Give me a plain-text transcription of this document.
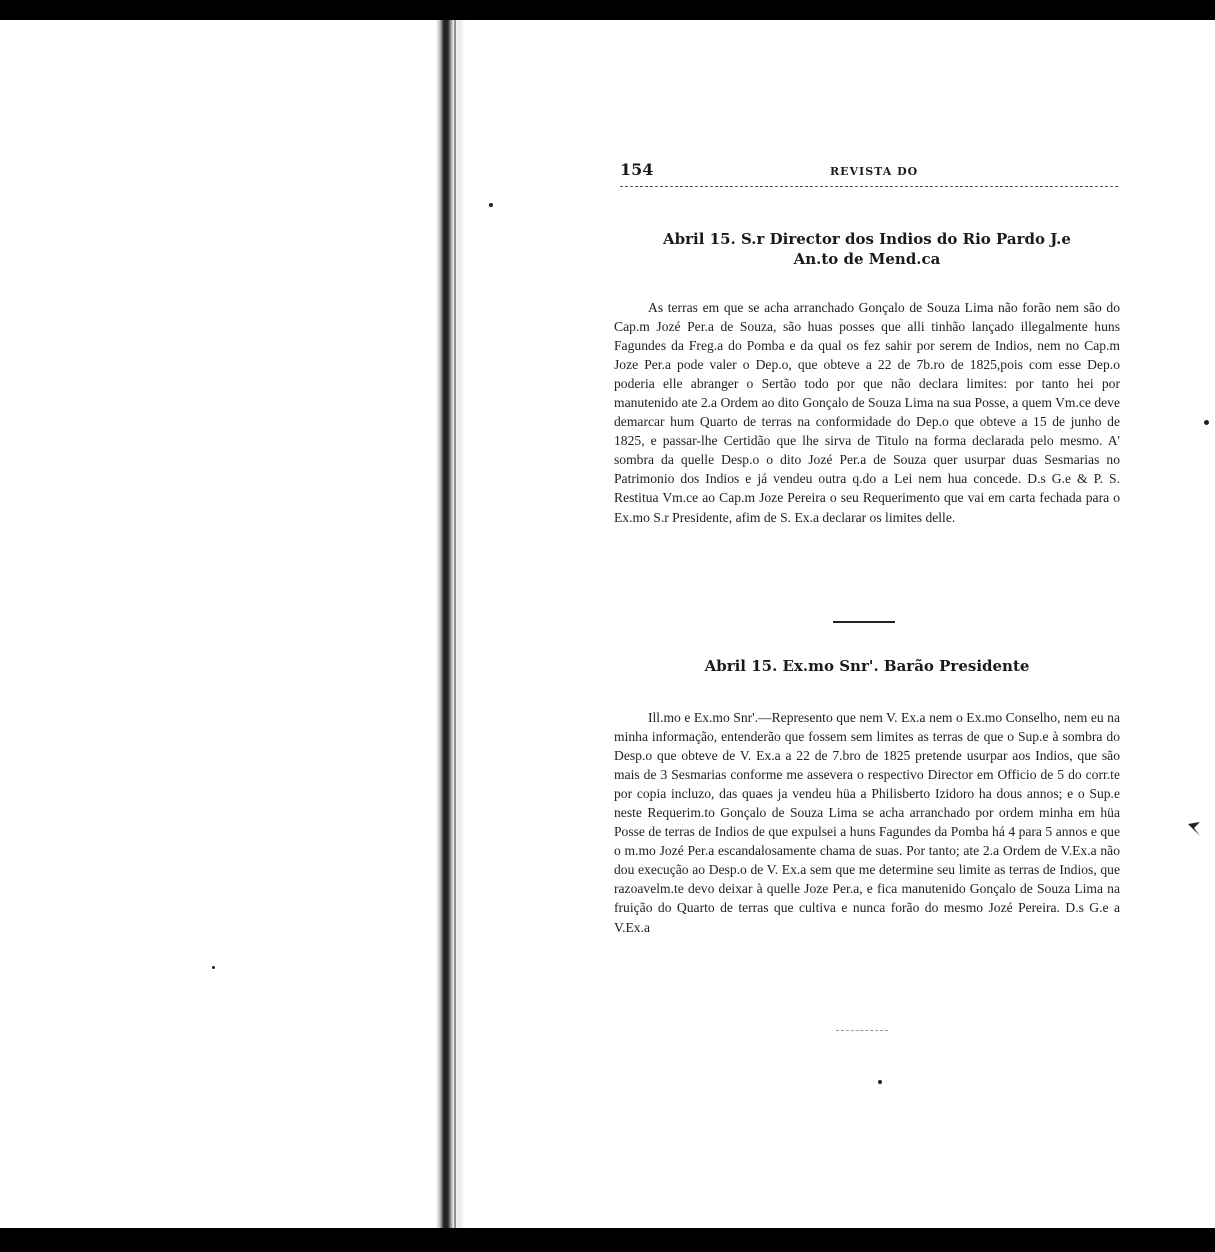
154	REVISTA DO
Abril 15. S.r Director dos Indios do Rio Pardo J.e
An.to de Mend.ca

As terras em que se acha arranchado Gonçalo de Souza Lima não forão nem são do Cap.m Jozé Per.a de Souza, são huas posses que alli tinhão lançado illegalmente huns Fagundes da Freg.a do Pomba e da qual os fez sahir por serem de Indios, nem no Cap.m Joze Per.a pode valer o Dep.o, que obteve a 22 de 7b.ro de 1825,pois com esse Dep.o poderia elle abranger o Sertão todo por que não declara limites: por tanto hei por manutenido ate 2.a Ordem ao dito Gonçalo de Souza Lima na sua Posse, a quem Vm.ce deve demarcar hum Quarto de terras na conformidade do Dep.o que obteve a 15 de junho de 1825, e passar-lhe Certidão que lhe sirva de Titulo na forma declarada pelo mesmo. A' sombra da quelle Desp.o o dito Jozé Per.a de Souza quer usurpar duas Sesmarias no Patrimonio dos Indios e já vendeu outra q.do a Lei nem hua concede. D.s G.e & P. S. Restitua Vm.ce ao Cap.m Joze Pereira o seu Requerimento que vai em carta fechada para o Ex.mo S.r Presidente, afim de S. Ex.a declarar os limites delle.

Abril 15. Ex.mo Snr'. Barão Presidente

Ill.mo e Ex.mo Snr'.—Represento que nem V. Ex.a nem o Ex.mo Conselho, nem eu na minha informação, entenderão que fossem sem limites as terras de que o Sup.e à sombra do Desp.o que obteve de V. Ex.a a 22 de 7.bro de 1825 pretende usurpar aos Indios, que são mais de 3 Sesmarias conforme me assevera o respectivo Director em Officio de 5 do corr.te por copia incluzo, das quaes ja vendeu hüa a Philisberto Izidoro ha dous annos; e o Sup.e neste Requerim.to Gonçalo de Souza Lima se acha arranchado por ordem minha em hüa Posse de terras de Indios de que expulsei a huns Fagundes da Pomba há 4 para 5 annos e que o m.mo Jozé Per.a escandalosamente chama de suas. Por tanto; ate 2.a Ordem de V.Ex.a não dou execução ao Desp.o de V. Ex.a sem que me determine seu limite as terras de Indios, que razoavelm.te devo deixar à quelle Joze Per.a, e fica manutenido Gonçalo de Souza Lima na fruição do Quarto de terras que cultiva e nunca forão do mesmo Jozé Pereira. D.s G.e a V.Ex.a
